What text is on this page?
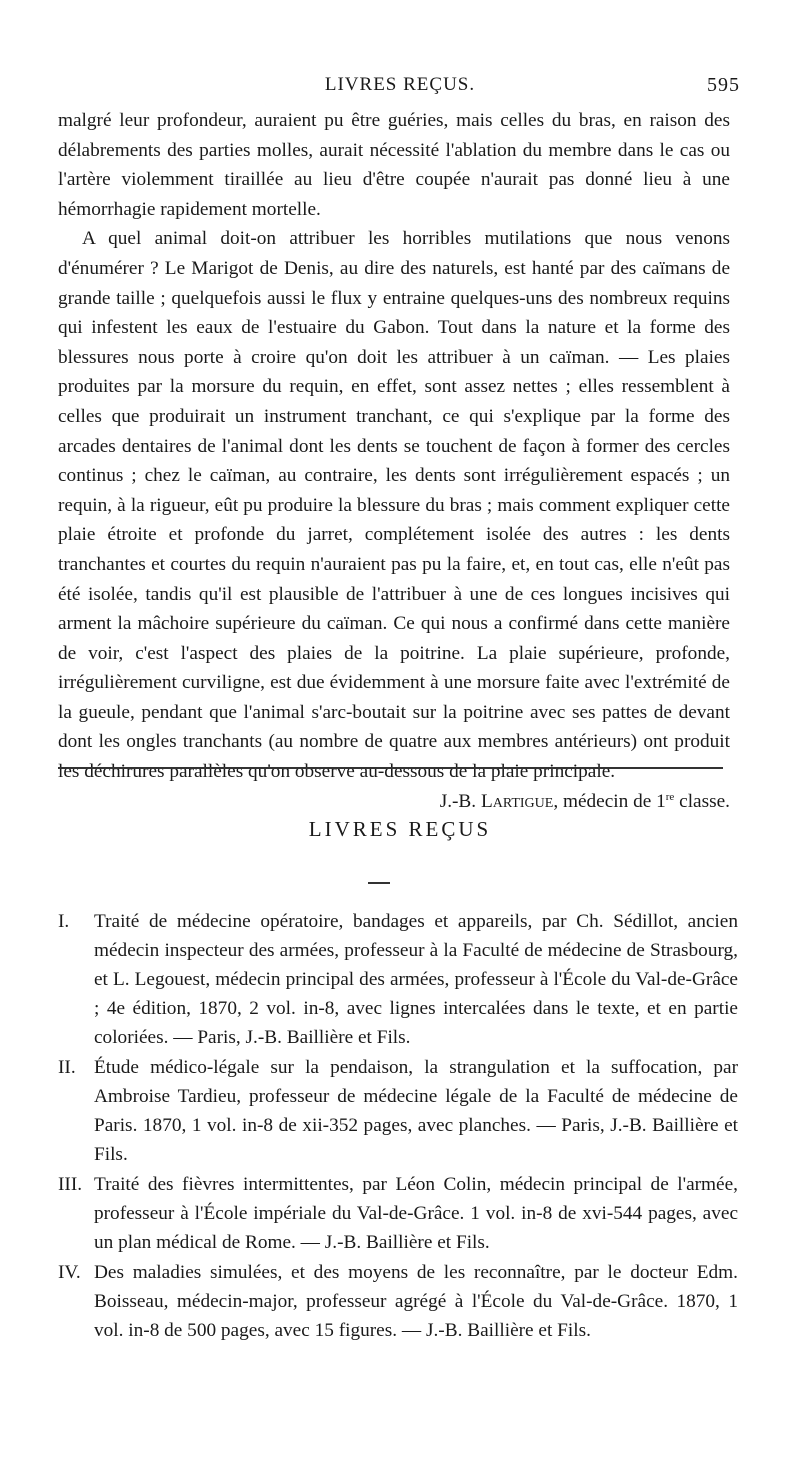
LIVRES REÇUS.	595

malgré leur profondeur, auraient pu être guéries, mais celles du bras, en raison des délabrements des parties molles, aurait nécessité l'ablation du membre dans le cas ou l'artère violemment tiraillée au lieu d'être coupée n'aurait pas donné lieu à une hémorrhagie rapidement mortelle.

A quel animal doit-on attribuer les horribles mutilations que nous venons d'énumérer ? Le Marigot de Denis, au dire des naturels, est hanté par des caïmans de grande taille ; quelquefois aussi le flux y entraine quelques-uns des nombreux requins qui infestent les eaux de l'estuaire du Gabon. Tout dans la nature et la forme des blessures nous porte à croire qu'on doit les attribuer à un caïman. — Les plaies produites par la morsure du requin, en effet, sont assez nettes ; elles ressemblent à celles que produirait un instrument tranchant, ce qui s'explique par la forme des arcades dentaires de l'animal dont les dents se touchent de façon à former des cercles continus ; chez le caïman, au contraire, les dents sont irrégulièrement espacés ; un requin, à la rigueur, eût pu produire la blessure du bras ; mais comment expliquer cette plaie étroite et profonde du jarret, complétement isolée des autres : les dents tranchantes et courtes du requin n'auraient pas pu la faire, et, en tout cas, elle n'eût pas été isolée, tandis qu'il est plausible de l'attribuer à une de ces longues incisives qui arment la mâchoire supérieure du caïman. Ce qui nous a confirmé dans cette manière de voir, c'est l'aspect des plaies de la poitrine. La plaie supérieure, profonde, irrégulièrement curviligne, est due évidemment à une morsure faite avec l'extrémité de la gueule, pendant que l'animal s'arc-boutait sur la poitrine avec ses pattes de devant dont les ongles tranchants (au nombre de quatre aux membres antérieurs) ont produit les déchirures parallèles qu'on observe au-dessous de la plaie principale.
J.-B. Lartigue, médecin de 1re classe.

LIVRES REÇUS
I. Traité de médecine opératoire, bandages et appareils, par Ch. Sédillot, ancien médecin inspecteur des armées, professeur à la Faculté de médecine de Strasbourg, et L. Legouest, médecin principal des armées, professeur à l'École du Val-de-Grâce ; 4e édition, 1870, 2 vol. in-8, avec lignes intercalées dans le texte, et en partie coloriées. — Paris, J.-B. Baillière et Fils.
II. Étude médico-légale sur la pendaison, la strangulation et la suffocation, par Ambroise Tardieu, professeur de médecine légale de la Faculté de médecine de Paris. 1870, 1 vol. in-8 de xii-352 pages, avec planches. — Paris, J.-B. Baillière et Fils.
III. Traité des fièvres intermittentes, par Léon Colin, médecin principal de l'armée, professeur à l'École impériale du Val-de-Grâce. 1 vol. in-8 de xvi-544 pages, avec un plan médical de Rome. — J.-B. Baillière et Fils.
IV. Des maladies simulées, et des moyens de les reconnaître, par le docteur Edm. Boisseau, médecin-major, professeur agrégé à l'École du Val-de-Grâce. 1870, 1 vol. in-8 de 500 pages, avec 15 figures. — J.-B. Baillière et Fils.
